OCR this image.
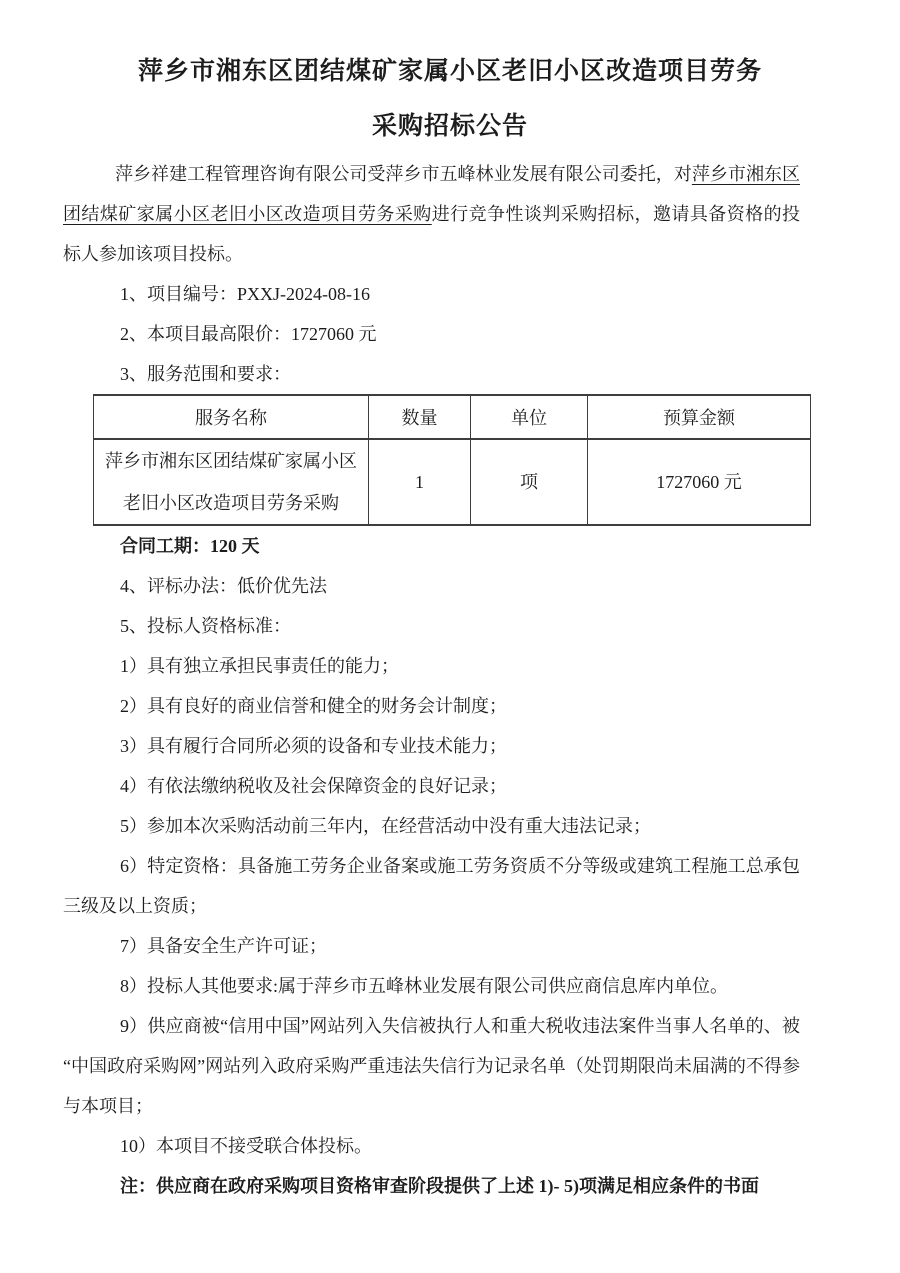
萍乡市湘东区团结煤矿家属小区老旧小区改造项目劳务
采购招标公告

萍乡祥建工程管理咨询有限公司受萍乡市五峰林业发展有限公司委托，对萍乡市湘东区团结煤矿家属小区老旧小区改造项目劳务采购进行竞争性谈判采购招标，邀请具备资格的投标人参加该项目投标。

1、项目编号：PXXJ-2024-08-16

2、本项目最高限价：1727060 元

3、服务范围和要求：

服务名称	数量	单位	预算金额
萍乡市湘东区团结煤矿家属小区老旧小区改造项目劳务采购	1	项	1727060 元

合同工期：120 天

4、评标办法：低价优先法

5、投标人资格标准：

1）具有独立承担民事责任的能力；

2）具有良好的商业信誉和健全的财务会计制度；

3）具有履行合同所必须的设备和专业技术能力；

4）有依法缴纳税收及社会保障资金的良好记录；

5）参加本次采购活动前三年内，在经营活动中没有重大违法记录；

6）特定资格：具备施工劳务企业备案或施工劳务资质不分等级或建筑工程施工总承包三级及以上资质；

7）具备安全生产许可证；

8）投标人其他要求:属于萍乡市五峰林业发展有限公司供应商信息库内单位。

9）供应商被“信用中国”网站列入失信被执行人和重大税收违法案件当事人名单的、被“中国政府采购网”网站列入政府采购严重违法失信行为记录名单（处罚期限尚未届满的不得参与本项目；

10）本项目不接受联合体投标。

注：供应商在政府采购项目资格审查阶段提供了上述 1)- 5)项满足相应条件的书面
